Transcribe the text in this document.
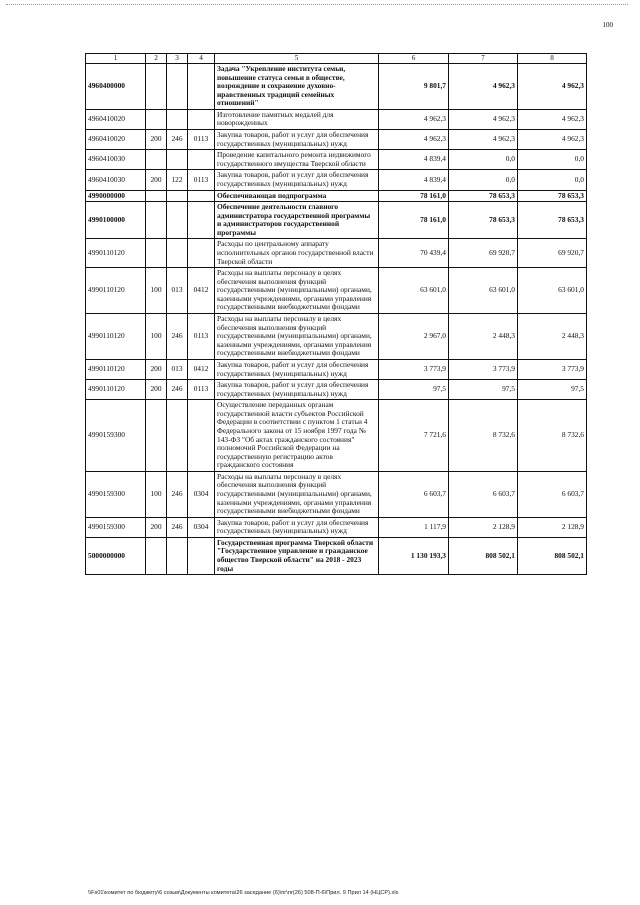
100
1	2	3	4	5	6	7	8
4960400000				Задача "Укрепление института семьи, повышение статуса семьи в обществе, возрождение и сохранение духовно-нравственных традиций семейных отношений"	9 801,7	4 962,3	4 962,3
4960410020				Изготовление памятных медалей для новорожденных	4 962,3	4 962,3	4 962,3
4960410020	200	246	0113	Закупка товаров, работ и услуг для обеспечения государственных (муниципальных) нужд	4 962,3	4 962,3	4 962,3
4960410030				Проведение капитального ремонта недвижимого государственного имущества Тверской области	4 839,4	0,0	0,0
4960410030	200	122	0113	Закупка товаров, работ и услуг для обеспечения государственных (муниципальных) нужд	4 839,4	0,0	0,0
4990000000				Обеспечивающая подпрограмма	78 161,0	78 653,3	78 653,3
4990100000				Обеспечение деятельности главного администратора государственной программы и администраторов государственной программы	78 161,0	78 653,3	78 653,3
4990110120				Расходы по центральному аппарату исполнительных органов государственной власти Тверской области	70 439,4	69 920,7	69 920,7
4990110120	100	013	0412	Расходы на выплаты персоналу в целях обеспечения выполнения функций государственными (муниципальными) органами, казенными учреждениями, органами управления государственными внебюджетными фондами	63 601,0	63 601,0	63 601,0
4990110120	100	246	0113	Расходы на выплаты персоналу в целях обеспечения выполнения функций государственными (муниципальными) органами, казенными учреждениями, органами управления государственными внебюджетными фондами	2 967,0	2 448,3	2 448,3
4990110120	200	013	0412	Закупка товаров, работ и услуг для обеспечения государственных (муниципальных) нужд	3 773,9	3 773,9	3 773,9
4990110120	200	246	0113	Закупка товаров, работ и услуг для обеспечения государственных (муниципальных) нужд	97,5	97,5	97,5
4990159300				Осуществление переданных органам государственной власти субъектов Российской Федерации в соответствии с пунктом 1 статьи 4 Федерального закона от 15 ноября 1997 года № 143-ФЗ "Об актах гражданского состояния" полномочий Российской Федерации на государственную регистрацию актов гражданского состояния	7 721,6	8 732,6	8 732,6
4990159300	100	246	0304	Расходы на выплаты персоналу в целях обеспечения выполнения функций государственными (муниципальными) органами, казенными учреждениями, органами управления государственными внебюджетными фондами	6 603,7	6 603,7	6 603,7
4990159300	200	246	0304	Закупка товаров, работ и услуг для обеспечения государственных (муниципальных) нужд	1 117,9	2 128,9	2 128,9
5000000000				Государственная программа Тверской области "Государственное управление и гражданское общество Тверской области" на 2018 - 2023 годы	1 130 193,3	808 502,1	808 502,1
\\Fs01\комитет по бюджету\6 созыв\Документы комитета\26 заседание (6)\пг\пг(26) 508-П-6\Прил. 9 Прил 14 (НЦСР).xls
